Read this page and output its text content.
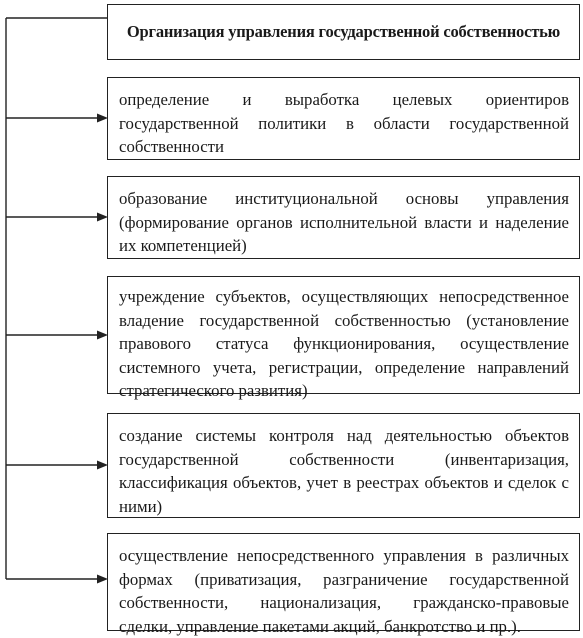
Организация управления государственной собственностью
определение и выработка целевых ориентиров государственной политики в области государственной собственности
образование институциональной основы управления (формирование органов исполнительной власти и наделение их компетенцией)
учреждение субъектов, осуществляющих непосредственное владение государственной собственностью (установление правового статуса функционирования, осуществление системного учета, регистрации, определение направлений стратегического развития)
создание системы контроля над деятельностью объектов государственной собственности (инвентаризация, классификация объектов, учет в реестрах объектов и сделок с ними)
осуществление непосредственного управления в различных формах (приватизация, разграничение государственной собственности, национализация, гражданско-правовые сделки, управление пакетами акций, банкротство и пр.).
